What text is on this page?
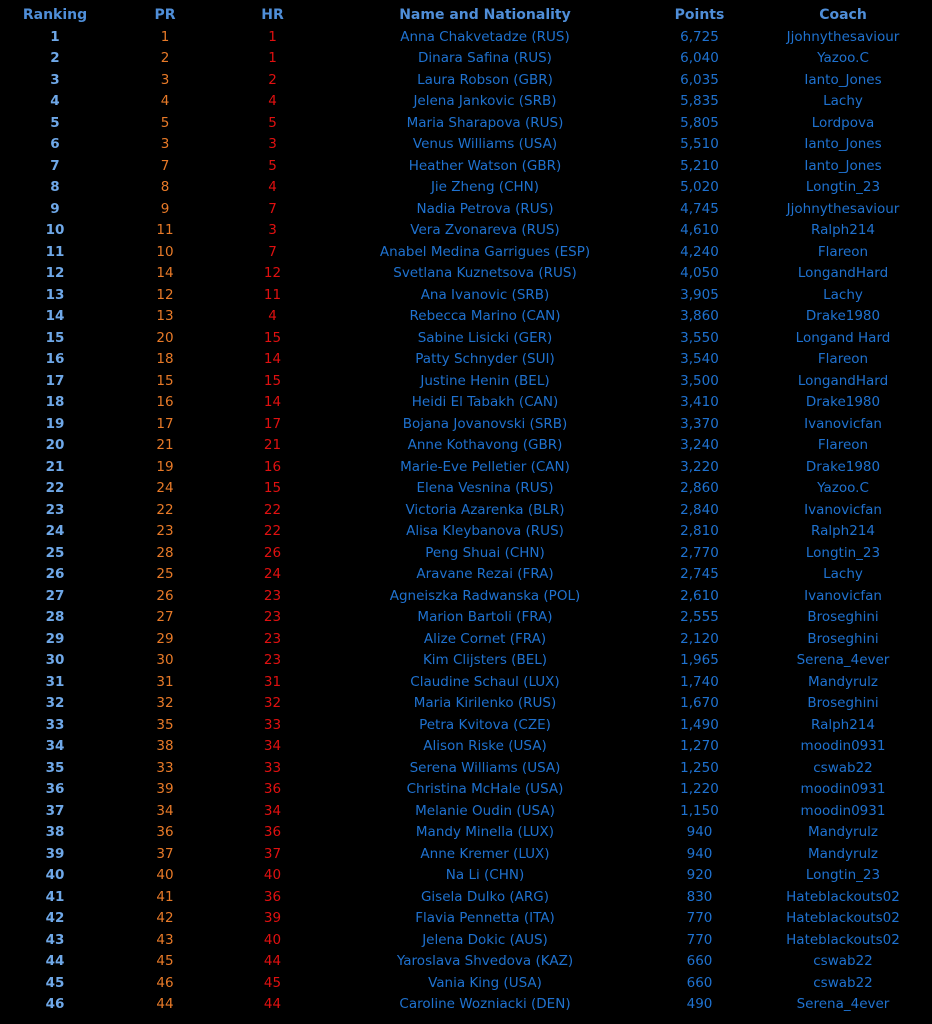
Ranking	PR	HR	Name and Nationality	Points	Coach
1	1	1	Anna Chakvetadze (RUS)	6,725	Jjohnythesaviour
2	2	1	Dinara Safina (RUS)	6,040	Yazoo.C
3	3	2	Laura Robson (GBR)	6,035	Ianto_Jones
4	4	4	Jelena Jankovic (SRB)	5,835	Lachy
5	5	5	Maria Sharapova (RUS)	5,805	Lordpova
6	3	3	Venus Williams (USA)	5,510	Ianto_Jones
7	7	5	Heather Watson (GBR)	5,210	Ianto_Jones
8	8	4	Jie Zheng (CHN)	5,020	Longtin_23
9	9	7	Nadia Petrova (RUS)	4,745	Jjohnythesaviour
10	11	3	Vera Zvonareva (RUS)	4,610	Ralph214
11	10	7	Anabel Medina Garrigues (ESP)	4,240	Flareon
12	14	12	Svetlana Kuznetsova (RUS)	4,050	LongandHard
13	12	11	Ana Ivanovic (SRB)	3,905	Lachy
14	13	4	Rebecca Marino (CAN)	3,860	Drake1980
15	20	15	Sabine Lisicki (GER)	3,550	Longand Hard
16	18	14	Patty Schnyder (SUI)	3,540	Flareon
17	15	15	Justine Henin (BEL)	3,500	LongandHard
18	16	14	Heidi El Tabakh (CAN)	3,410	Drake1980
19	17	17	Bojana Jovanovski (SRB)	3,370	Ivanovicfan
20	21	21	Anne Kothavong (GBR)	3,240	Flareon
21	19	16	Marie-Eve Pelletier (CAN)	3,220	Drake1980
22	24	15	Elena Vesnina (RUS)	2,860	Yazoo.C
23	22	22	Victoria Azarenka (BLR)	2,840	Ivanovicfan
24	23	22	Alisa Kleybanova (RUS)	2,810	Ralph214
25	28	26	Peng Shuai (CHN)	2,770	Longtin_23
26	25	24	Aravane Rezai (FRA)	2,745	Lachy
27	26	23	Agneiszka Radwanska (POL)	2,610	Ivanovicfan
28	27	23	Marion Bartoli (FRA)	2,555	Broseghini
29	29	23	Alize Cornet (FRA)	2,120	Broseghini
30	30	23	Kim Clijsters (BEL)	1,965	Serena_4ever
31	31	31	Claudine Schaul (LUX)	1,740	Mandyrulz
32	32	32	Maria Kirilenko (RUS)	1,670	Broseghini
33	35	33	Petra Kvitova (CZE)	1,490	Ralph214
34	38	34	Alison Riske (USA)	1,270	moodin0931
35	33	33	Serena Williams (USA)	1,250	cswab22
36	39	36	Christina McHale (USA)	1,220	moodin0931
37	34	34	Melanie Oudin (USA)	1,150	moodin0931
38	36	36	Mandy Minella (LUX)	940	Mandyrulz
39	37	37	Anne Kremer (LUX)	940	Mandyrulz
40	40	40	Na Li (CHN)	920	Longtin_23
41	41	36	Gisela Dulko (ARG)	830	Hateblackouts02
42	42	39	Flavia Pennetta (ITA)	770	Hateblackouts02
43	43	40	Jelena Dokic (AUS)	770	Hateblackouts02
44	45	44	Yaroslava Shvedova (KAZ)	660	cswab22
45	46	45	Vania King (USA)	660	cswab22
46	44	44	Caroline Wozniacki (DEN)	490	Serena_4ever
